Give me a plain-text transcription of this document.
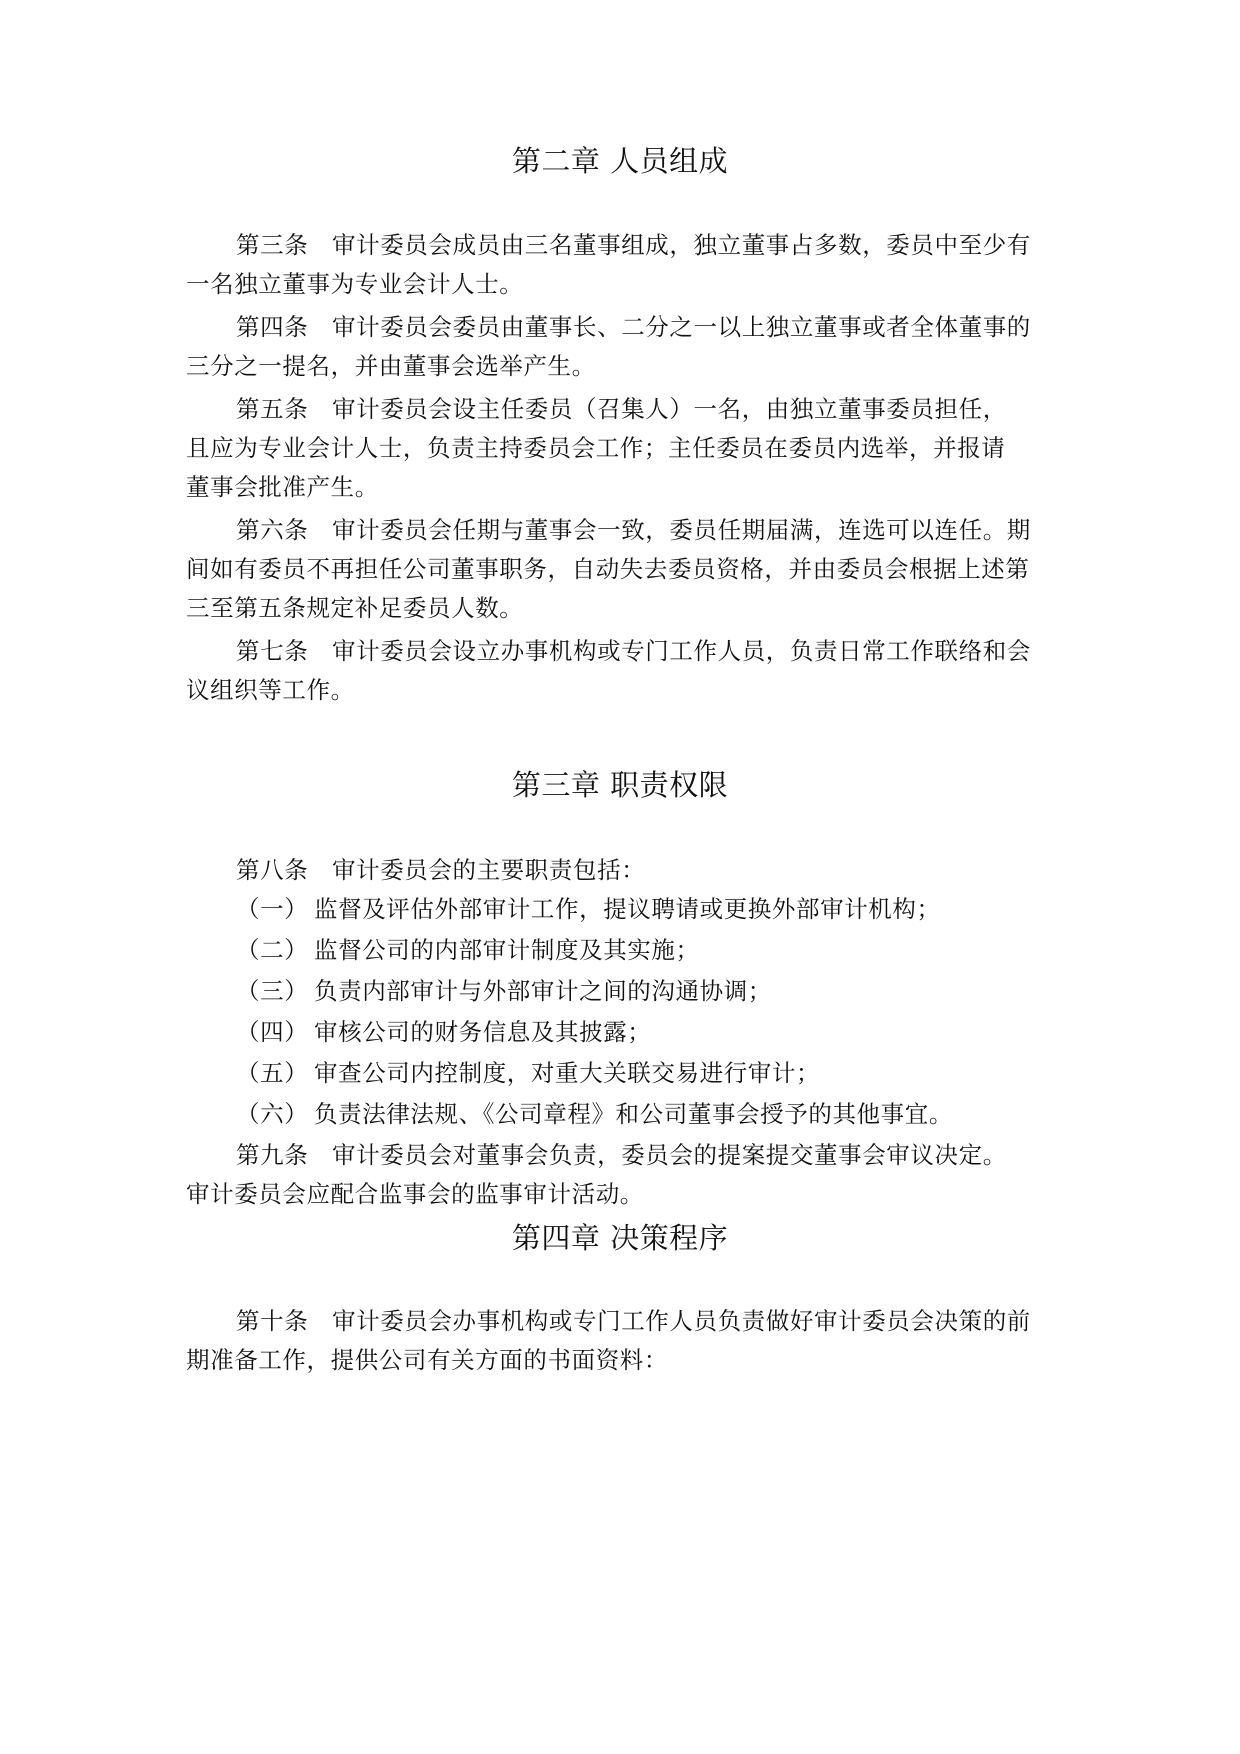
第二章 人员组成
第三条 审计委员会成员由三名董事组成，独立董事占多数，委员中至少有
一名独立董事为专业会计人士。
第四条 审计委员会委员由董事长、二分之一以上独立董事或者全体董事的
三分之一提名，并由董事会选举产生。
第五条 审计委员会设主任委员（召集人）一名，由独立董事委员担任，
且应为专业会计人士，负责主持委员会工作；主任委员在委员内选举，并报请
董事会批准产生。
第六条 审计委员会任期与董事会一致，委员任期届满，连选可以连任。期
间如有委员不再担任公司董事职务，自动失去委员资格，并由委员会根据上述第
三至第五条规定补足委员人数。
第七条 审计委员会设立办事机构或专门工作人员，负责日常工作联络和会
议组织等工作。
第三章 职责权限
第八条 审计委员会的主要职责包括：
（一） 监督及评估外部审计工作，提议聘请或更换外部审计机构；
（二） 监督公司的内部审计制度及其实施；
（三） 负责内部审计与外部审计之间的沟通协调；
（四） 审核公司的财务信息及其披露；
（五） 审查公司内控制度，对重大关联交易进行审计；
（六） 负责法律法规、《公司章程》和公司董事会授予的其他事宜。
第九条 审计委员会对董事会负责，委员会的提案提交董事会审议决定。
审计委员会应配合监事会的监事审计活动。
第四章 决策程序
第十条 审计委员会办事机构或专门工作人员负责做好审计委员会决策的前
期准备工作，提供公司有关方面的书面资料：
